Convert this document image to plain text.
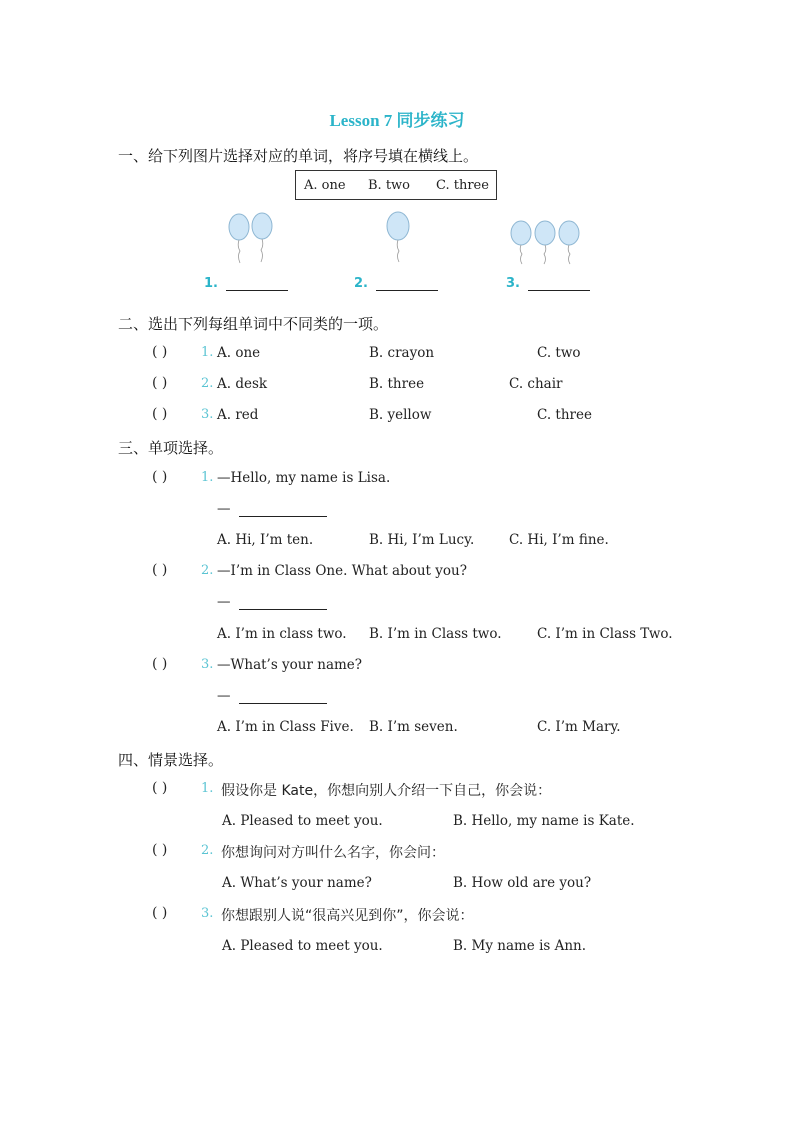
Lesson 7 同步练习
一、给下列图片选择对应的单词，将序号填在横线上。
A. one B. two C. three
1.	2.	3.
二、选出下列每组单词中不同类的一项。
( )	1. A. one	B. crayon	C. two
( )	2. A. desk	B. three	C. chair
( )	3. A. red	B. yellow	C. three
三、单项选择。
( )	1. —Hello, my name is Lisa.
—
A. Hi, I’m ten.	B. Hi, I’m Lucy.	C. Hi, I’m fine.
( )	2. —I’m in Class One. What about you?
—
A. I’m in class two. B. I’m in Class two.	C. I’m in Class Two.
( )	3. —What’s your name?
—
A. I’m in Class Five. B. I’m seven.	C. I’m Mary.
四、情景选择。
( )	1. 假设你是 Kate，你想向别人介绍一下自己，你会说：
A. Pleased to meet you.	B. Hello, my name is Kate.
( )	2. 你想询问对方叫什么名字，你会问：
A. What’s your name?	B. How old are you?
( )	3. 你想跟别人说“很高兴见到你”，你会说：
A. Pleased to meet you.	B. My name is Ann.
